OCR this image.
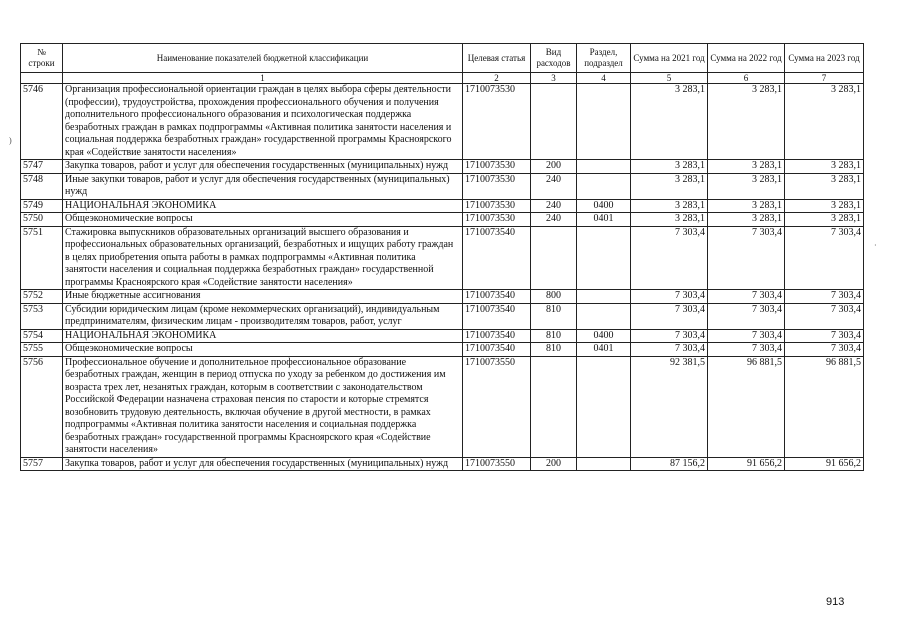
№ строки	Наименование показателей бюджетной классификации	Целевая статья	Вид расходов	Раздел, подраздел	Сумма на 2021 год	Сумма на 2022 год	Сумма на 2023 год
	1	2	3	4	5	6	7
5746	Организация профессиональной ориентации граждан в целях выбора сферы деятельности (профессии), трудоустройства, прохождения профессионального обучения и получения дополнительного профессионального образования и психологическая поддержка безработных граждан в рамках подпрограммы «Активная политика занятости населения и социальная поддержка безработных граждан» государственной программы Красноярского края «Содействие занятости населения»	1710073530			3 283,1	3 283,1	3 283,1
5747	Закупка товаров, работ и услуг для обеспечения государственных (муниципальных) нужд	1710073530	200		3 283,1	3 283,1	3 283,1
5748	Иные закупки товаров, работ и услуг для обеспечения государственных (муниципальных) нужд	1710073530	240		3 283,1	3 283,1	3 283,1
5749	НАЦИОНАЛЬНАЯ ЭКОНОМИКА	1710073530	240	0400	3 283,1	3 283,1	3 283,1
5750	Общеэкономические вопросы	1710073530	240	0401	3 283,1	3 283,1	3 283,1
5751	Стажировка выпускников образовательных организаций высшего образования и профессиональных образовательных организаций, безработных и ищущих работу граждан в целях приобретения опыта работы в рамках подпрограммы «Активная политика занятости населения и социальная поддержка безработных граждан» государственной программы Красноярского края «Содействие занятости населения»	1710073540			7 303,4	7 303,4	7 303,4
5752	Иные бюджетные ассигнования	1710073540	800		7 303,4	7 303,4	7 303,4
5753	Субсидии юридическим лицам (кроме некоммерческих организаций), индивидуальным предпринимателям, физическим лицам - производителям товаров, работ, услуг	1710073540	810		7 303,4	7 303,4	7 303,4
5754	НАЦИОНАЛЬНАЯ ЭКОНОМИКА	1710073540	810	0400	7 303,4	7 303,4	7 303,4
5755	Общеэкономические вопросы	1710073540	810	0401	7 303,4	7 303,4	7 303,4
5756	Профессиональное обучение и дополнительное профессиональное образование безработных граждан, женщин в период отпуска по уходу за ребенком до достижения им возраста трех лет, незанятых граждан, которым в соответствии с законодательством Российской Федерации назначена страховая пенсия по старости и которые стремятся возобновить трудовую деятельность, включая обучение в другой местности, в рамках подпрограммы «Активная политика занятости населения и социальная поддержка безработных граждан» государственной программы Красноярского края «Содействие занятости населения»	1710073550			92 381,5	96 881,5	96 881,5
5757	Закупка товаров, работ и услуг для обеспечения государственных (муниципальных) нужд	1710073550	200		87 156,2	91 656,2	91 656,2
)
·
913
